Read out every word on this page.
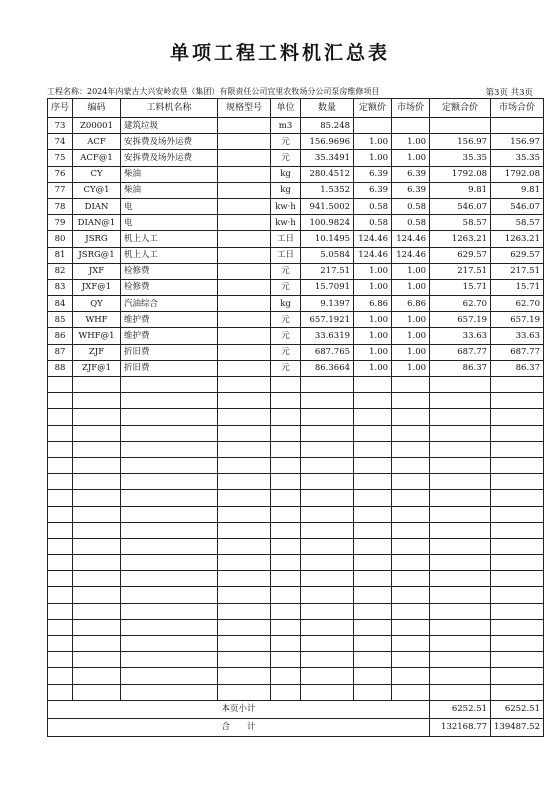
单项工程工料机汇总表
工程名称：2024年内蒙古大兴安岭农垦（集团）有限责任公司宜里农牧场分公司泵房维修项目	第3页 共3页
序号	编码	工料机名称	规格型号	单位	数量	定额价	市场价	定额合价	市场合价
73	Z00001	建筑垃圾		m3	85.248				
74	ACF	安拆费及场外运费		元	156.9696	1.00	1.00	156.97	156.97
75	ACF@1	安拆费及场外运费		元	35.3491	1.00	1.00	35.35	35.35
76	CY	柴油		kg	280.4512	6.39	6.39	1792.08	1792.08
77	CY@1	柴油		kg	1.5352	6.39	6.39	9.81	9.81
78	DIAN	电		kw·h	941.5002	0.58	0.58	546.07	546.07
79	DIAN@1	电		kw·h	100.9824	0.58	0.58	58.57	58.57
80	JSRG	机上人工		工日	10.1495	124.46	124.46	1263.21	1263.21
81	JSRG@1	机上人工		工日	5.0584	124.46	124.46	629.57	629.57
82	JXF	检修费		元	217.51	1.00	1.00	217.51	217.51
83	JXF@1	检修费		元	15.7091	1.00	1.00	15.71	15.71
84	QY	汽油综合		kg	9.1397	6.86	6.86	62.70	62.70
85	WHF	维护费		元	657.1921	1.00	1.00	657.19	657.19
86	WHF@1	维护费		元	33.6319	1.00	1.00	33.63	33.63
87	ZJF	折旧费		元	687.765	1.00	1.00	687.77	687.77
88	ZJF@1	折旧费		元	86.3664	1.00	1.00	86.37	86.37

本页小计								6252.51	6252.51
合　　计								132168.77	139487.52
